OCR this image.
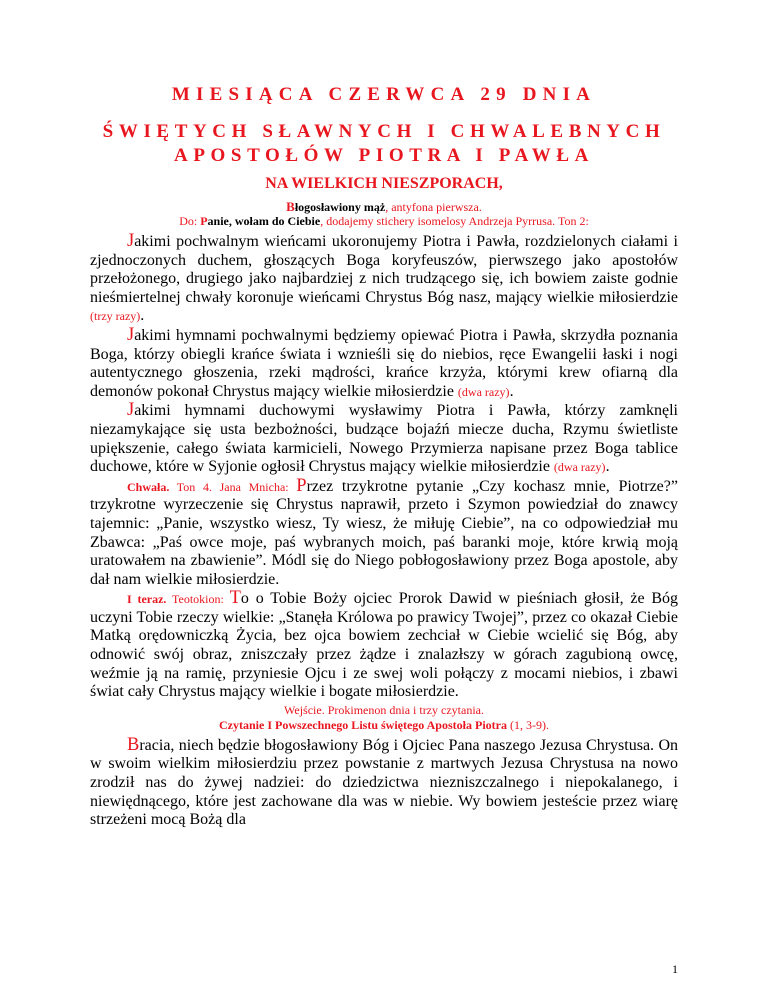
MIESIĄCA CZERWCA 29 DNIA
ŚWIĘTYCH SŁAWNYCH I CHWALEBNYCH
APOSTOŁÓW PIOTRA I PAWŁA
NA WIELKICH NIESZPORACH,
Błogosławiony mąż, antyfona pierwsza.
Do: Panie, wołam do Ciebie, dodajemy stichery isomelosy Andrzeja Pyrrusa. Ton 2:

Jakimi pochwalnym wieńcami ukoronujemy Piotra i Pawła, rozdzielonych ciałami i zjednoczonych duchem, głoszących Boga koryfeuszów, pierwszego jako apostołów przełożonego, drugiego jako najbardziej z nich trudzącego się, ich bowiem zaiste godnie nieśmiertelnej chwały koronuje wieńcami Chrystus Bóg nasz, mający wielkie miłosierdzie (trzy razy).

Jakimi hymnami pochwalnymi będziemy opiewać Piotra i Pawła, skrzydła poznania Boga, którzy obiegli krańce świata i wznieśli się do niebios, ręce Ewangelii łaski i nogi autentycznego głoszenia, rzeki mądrości, krańce krzyża, którymi krew ofiarną dla demonów pokonał Chrystus mający wielkie miłosierdzie (dwa razy).

Jakimi hymnami duchowymi wysławimy Piotra i Pawła, którzy zamknęli niezamykające się usta bezbożności, budzące bojaźń miecze ducha, Rzymu świetliste upiększenie, całego świata karmicieli, Nowego Przymierza napisane przez Boga tablice duchowe, które w Syjonie ogłosił Chrystus mający wielkie miłosierdzie (dwa razy).

Chwała. Ton 4. Jana Mnicha: Przez trzykrotne pytanie „Czy kochasz mnie, Piotrze?” trzykrotne wyrzeczenie się Chrystus naprawił, przeto i Szymon powiedział do znawcy tajemnic: „Panie, wszystko wiesz, Ty wiesz, że miłuję Ciebie”, na co odpowiedział mu Zbawca: „Paś owce moje, paś wybranych moich, paś baranki moje, które krwią moją uratowałem na zbawienie”. Módl się do Niego pobłogosławiony przez Boga apostole, aby dał nam wielkie miłosierdzie.

I teraz. Teotokion: To o Tobie Boży ojciec Prorok Dawid w pieśniach głosił, że Bóg uczyni Tobie rzeczy wielkie: „Stanęła Królowa po prawicy Twojej”, przez co okazał Ciebie Matką orędowniczką Życia, bez ojca bowiem zechciał w Ciebie wcielić się Bóg, aby odnowić swój obraz, zniszczały przez żądze i znalazłszy w górach zagubioną owcę, weźmie ją na ramię, przyniesie Ojcu i ze swej woli połączy z mocami niebios, i zbawi świat cały Chrystus mający wielkie i bogate miłosierdzie.

Wejście. Prokimenon dnia i trzy czytania.
Czytanie I Powszechnego Listu świętego Apostoła Piotra (1, 3-9).

Bracia, niech będzie błogosławiony Bóg i Ojciec Pana naszego Jezusa Chrystusa. On w swoim wielkim miłosierdziu przez powstanie z martwych Jezusa Chrystusa na nowo zrodził nas do żywej nadziei: do dziedzictwa niezniszczalnego i niepokalanego, i niewiędnącego, które jest zachowane dla was w niebie. Wy bowiem jesteście przez wiarę strzeżeni mocą Bożą dla

1
